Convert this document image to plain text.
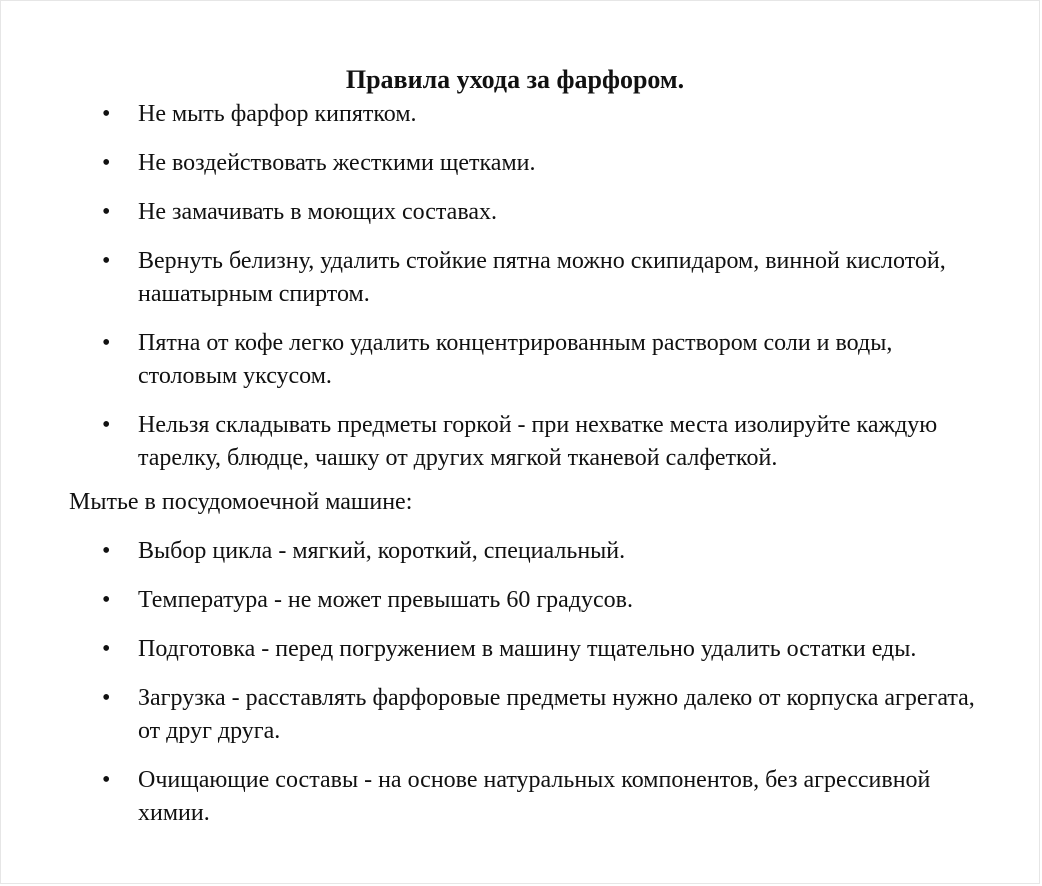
Правила ухода за фарфором.
• Не мыть фарфор кипятком.
• Не воздействовать жесткими щетками.
• Не замачивать в моющих составах.
• Вернуть белизну, удалить стойкие пятна можно скипидаром, винной кислотой, нашатырным спиртом.
• Пятна от кофе легко удалить концентрированным раствором соли и воды, столовым уксусом.
• Нельзя складывать предметы горкой - при нехватке места изолируйте каждую тарелку, блюдце, чашку от других мягкой тканевой салфеткой.
Мытье в посудомоечной машине:
• Выбор цикла - мягкий, короткий, специальный.
• Температура - не может превышать 60 градусов.
• Подготовка - перед погружением в машину тщательно удалить остатки еды.
• Загрузка - расставлять фарфоровые предметы нужно далеко от корпуска агрегата, от друг друга.
• Очищающие составы - на основе натуральных компонентов, без агрессивной химии.
